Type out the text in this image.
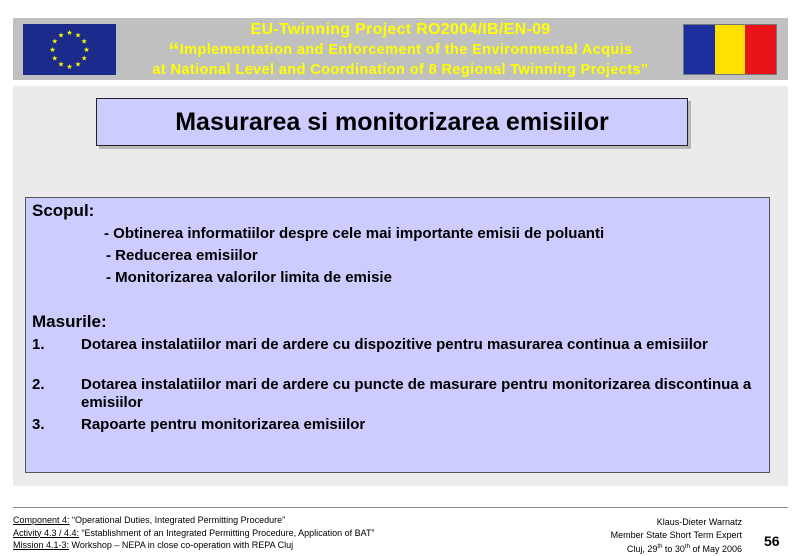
★
★
★
★
★
★
★
★
★ ★ ★
★
EU-Twinning Project RO2004/IB/EN-09
“Implementation and Enforcement of the Environmental Acquis
at National Level and Coordination of 8 Regional Twinning Projects”
Masurarea si monitorizarea emisiilor
Scopul:
- Obtinerea informatiilor despre cele mai importante emisii de poluanti
- Reducerea emisiilor
- Monitorizarea valorilor limita de emisie
Masurile:
1. Dotarea instalatiilor mari de ardere cu dispozitive pentru masurarea continua a emisiilor
2. Dotarea instalatiilor mari de ardere cu puncte de masurare pentru monitorizarea discontinua a emisiilor
3. Rapoarte pentru monitorizarea emisiilor
Component 4: “Operational Duties, Integrated Permitting Procedure”
Activity 4.3 / 4.4: “Establishment of an Integrated Permitting Procedure, Application of BAT”
Mission 4.1-3: Workshop – NEPA in close co-operation with REPA Cluj
Klaus-Dieter Warnatz
Member State Short Term Expert
Cluj, 29th to 30th of May 2006 56
